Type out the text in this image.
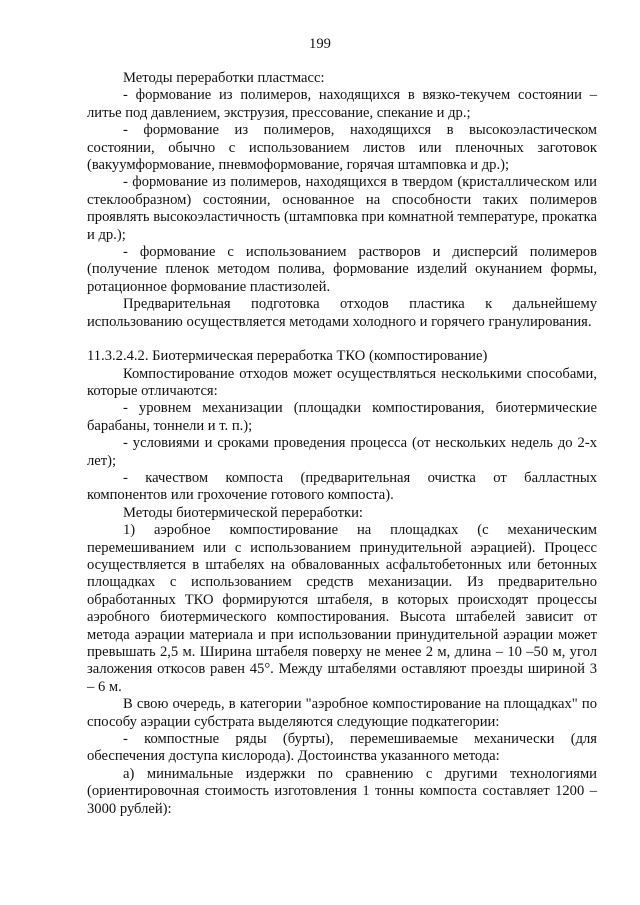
199

Методы переработки пластмасс:

- формование из полимеров, находящихся в вязко-текучем состоянии – литье под давлением, экструзия, прессование, спекание и др.;

- формование из полимеров, находящихся в высокоэластическом состоянии, обычно с использованием листов или пленочных заготовок (вакуумформование, пневмоформование, горячая штамповка и др.);

- формование из полимеров, находящихся в твердом (кристаллическом или стеклообразном) состоянии, основанное на способности таких полимеров проявлять высокоэластичность (штамповка при комнатной температуре, прокатка и др.);

- формование с использованием растворов и дисперсий полимеров (получение пленок методом полива, формование изделий окунанием формы, ротационное формование пластизолей.

Предварительная подготовка отходов пластика к дальнейшему использованию осуществляется методами холодного и горячего гранулирования.

11.3.2.4.2. Биотермическая переработка ТКО (компостирование)

Компостирование отходов может осуществляться несколькими способами, которые отличаются:

- уровнем механизации (площадки компостирования, биотермические барабаны, тоннели и т. п.);

- условиями и сроками проведения процесса (от нескольких недель до 2-х лет);

- качеством компоста (предварительная очистка от балластных компонентов или грохочение готового компоста).

Методы биотермической переработки:

1) аэробное компостирование на площадках (с механическим перемешиванием или с использованием принудительной аэрацией). Процесс осуществляется в штабелях на обвалованных асфальтобетонных или бетонных площадках с использованием средств механизации. Из предварительно обработанных ТКО формируются штабеля, в которых происходят процессы аэробного биотермического компостирования. Высота штабелей зависит от метода аэрации материала и при использовании принудительной аэрации может превышать 2,5 м. Ширина штабеля поверху не менее 2 м, длина – 10 –50 м, угол заложения откосов равен 45°. Между штабелями оставляют проезды шириной 3 – 6 м.

В свою очередь, в категории "аэробное компостирование на площадках" по способу аэрации субстрата выделяются следующие подкатегории:

- компостные ряды (бурты), перемешиваемые механически (для обеспечения доступа кислорода). Достоинства указанного метода:

а) минимальные издержки по сравнению с другими технологиями (ориентировочная стоимость изготовления 1 тонны компоста составляет 1200 – 3000 рублей):
